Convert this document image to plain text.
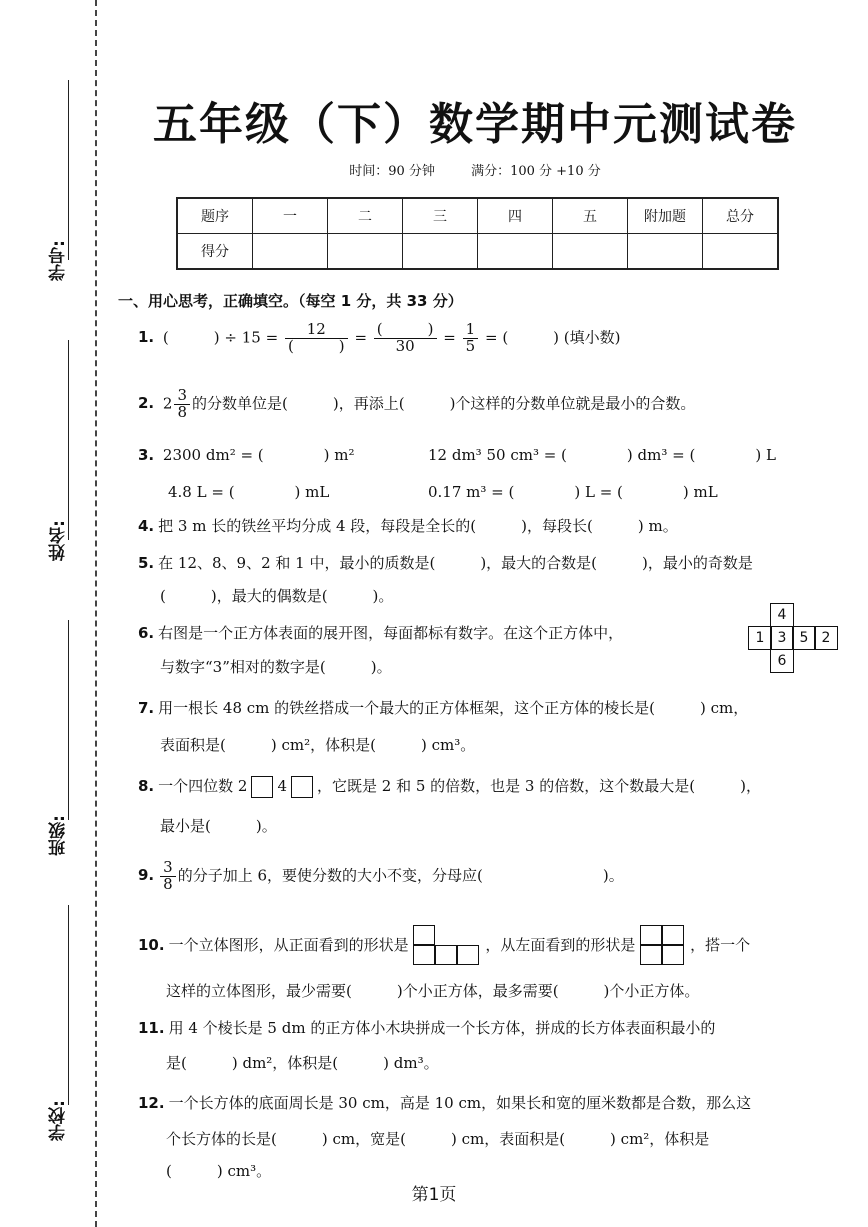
学号:
姓名:
班级:
学校:
五年级（下）数学期中元测试卷
时间：90 分钟	满分：100 分 +10 分
题序	一	二	三	四	五	附加题	总分
得分							
一、用心思考，正确填空。（每空 1 分，共 33 分）
1. (　　　) ÷ $15 = \frac{12}{( )} = \frac{( )}{30} = \frac{1}{5}$ = (　　　) (填小数)
2. $2 \frac{3}{8}$ 的分数单位是(　　　)，再添上(　　　)个这样的分数单位就是最小的合数。
3. 2300 dm² = (　　　　) m²	12 dm³ 50 cm³ = (　　　　) dm³ = (　　　　) L
4.8 L = (　　　　) mL	0.17 m³ = (　　　　) L = (　　　　) mL
4. 把 3 m 长的铁丝平均分成 4 段，每段是全长的(　　　)，每段长(　　　) m。
5. 在 12、8、9、2 和 1 中，最小的质数是(　　　)，最大的合数是(　　　)，最小的奇数是
(　　　)，最大的偶数是(　　　)。
6. 右图是一个正方体表面的展开图，每面都标有数字。在这个正方体中，
与数字“3”相对的数字是(　　　)。
4
1 3 5 2
6
7. 用一根长 48 cm 的铁丝搭成一个最大的正方体框架，这个正方体的棱长是(　　　) cm，
表面积是(　　　) cm²，体积是(　　　) cm³。
8. 一个四位数 2 4 ，它既是 2 和 5 的倍数，也是 3 的倍数，这个数最大是(　　　)，
最小是(　　　)。
9. $\frac{3}{8}$ 的分子加上 6，要使分数的大小不变，分母应(　　　　　　　　)。
10. 一个立体图形，从正面看到的形状是	，从左面看到的形状是	，搭一个
这样的立体图形，最少需要(　　　)个小正方体，最多需要(　　　)个小正方体。
11. 用 4 个棱长是 5 dm 的正方体小木块拼成一个长方体，拼成的长方体表面积最小的
是(　　　) dm²，体积是(　　　) dm³。
12. 一个长方体的底面周长是 30 cm，高是 10 cm，如果长和宽的厘米数都是合数，那么这
个长方体的长是(　　　) cm，宽是(　　　) cm，表面积是(　　　) cm²，体积是
(　　　) cm³。
第1页
